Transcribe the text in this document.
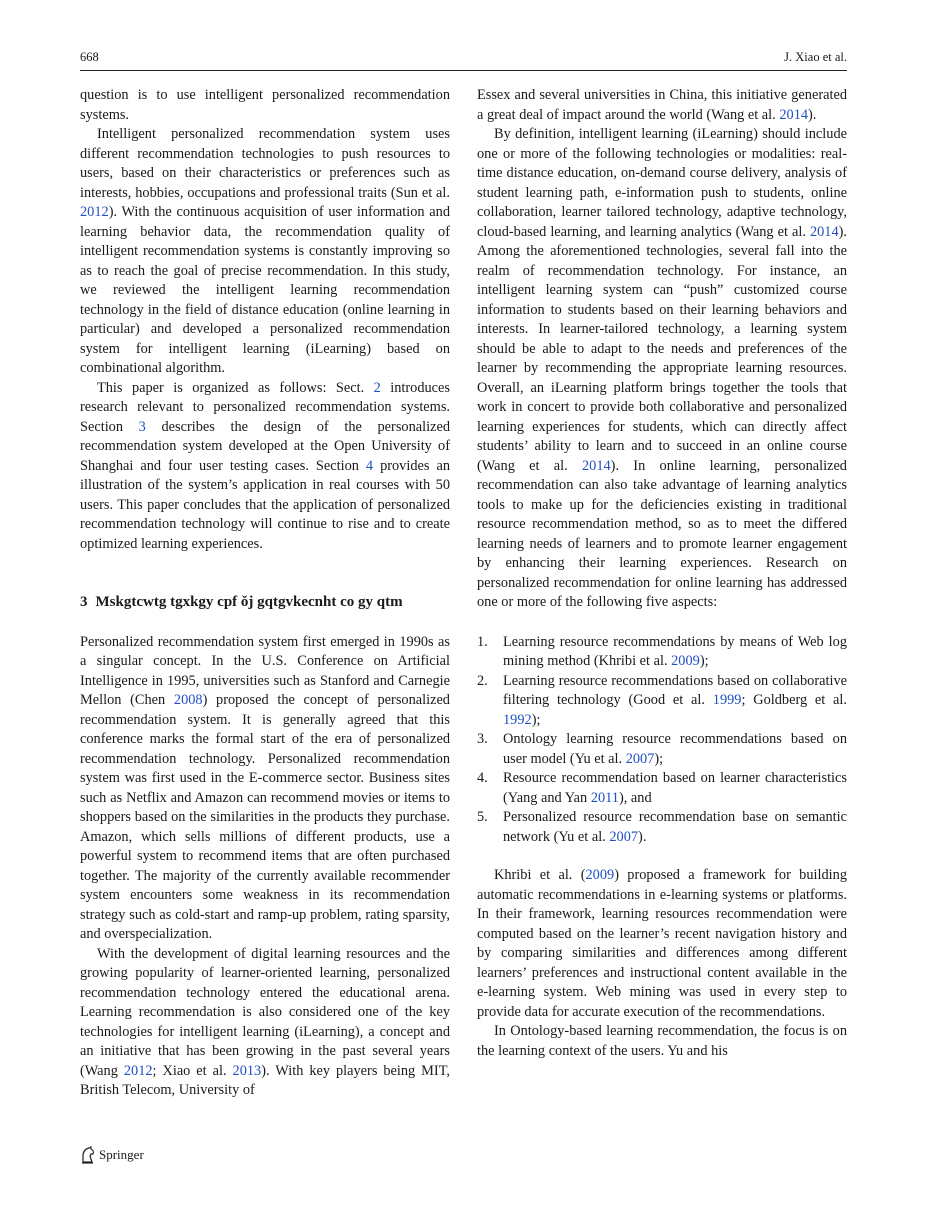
668	J. Xiao et al.

question is to use intelligent personalized recommendation systems.

Intelligent personalized recommendation system uses different recommendation technologies to push resources to users, based on their characteristics or preferences such as interests, hobbies, occupations and professional traits (Sun et al. 2012). With the continuous acquisition of user information and learning behavior data, the recommendation quality of intelligent recommendation systems is constantly improving so as to reach the goal of precise recommendation. In this study, we reviewed the intelligent learning recommendation technology in the field of distance education (online learning in particular) and developed a personalized recommendation system for intelligent learning (iLearning) based on combinational algorithm.

This paper is organized as follows: Sect. 2 introduces research relevant to personalized recommendation systems. Section 3 describes the design of the personalized recommendation system developed at the Open University of Shanghai and four user testing cases. Section 4 provides an illustration of the system’s application in real courses with 50 users. This paper concludes that the application of personalized recommendation technology will continue to rise and to create optimized learning experiences.

3 Mskgtcwtg tgxkgy cpf ǒj gqtgvkecnht co gy qtm

Personalized recommendation system first emerged in 1990s as a singular concept. In the U.S. Conference on Artificial Intelligence in 1995, universities such as Stanford and Carnegie Mellon (Chen 2008) proposed the concept of personalized recommendation system. It is generally agreed that this conference marks the formal start of the era of personalized recommendation technology. Personalized recommendation system was first used in the E-commerce sector. Business sites such as Netflix and Amazon can recommend movies or items to shoppers based on the similarities in the products they purchase. Amazon, which sells millions of different products, use a powerful system to recommend items that are often purchased together. The majority of the currently available recommender system encounters some weakness in its recommendation strategy such as cold-start and ramp-up problem, rating sparsity, and overspecialization.

With the development of digital learning resources and the growing popularity of learner-oriented learning, personalized recommendation technology entered the educational arena. Learning recommendation is also considered one of the key technologies for intelligent learning (iLearning), a concept and an initiative that has been growing in the past several years (Wang 2012; Xiao et al. 2013). With key players being MIT, British Telecom, University of

Essex and several universities in China, this initiative generated a great deal of impact around the world (Wang et al. 2014).

By definition, intelligent learning (iLearning) should include one or more of the following technologies or modalities: real-time distance education, on-demand course delivery, analysis of student learning path, e-information push to students, online collaboration, learner tailored technology, adaptive technology, cloud-based learning, and learning analytics (Wang et al. 2014). Among the aforementioned technologies, several fall into the realm of recommendation technology. For instance, an intelligent learning system can “push” customized course information to students based on their learning behaviors and interests. In learner-tailored technology, a learning system should be able to adapt to the needs and preferences of the learner by recommending the appropriate learning resources. Overall, an iLearning platform brings together the tools that work in concert to provide both collaborative and personalized learning experiences for students, which can directly affect students’ ability to learn and to succeed in an online course (Wang et al. 2014). In online learning, personalized recommendation can also take advantage of learning analytics tools to make up for the deficiencies existing in traditional resource recommendation method, so as to meet the differed learning needs of learners and to promote learner engagement by enhancing their learning experiences. Research on personalized recommendation for online learning has addressed one or more of the following five aspects:

1. Learning resource recommendations by means of Web log mining method (Khribi et al. 2009);
2. Learning resource recommendations based on collaborative filtering technology (Good et al. 1999; Goldberg et al. 1992);
3. Ontology learning resource recommendations based on user model (Yu et al. 2007);
4. Resource recommendation based on learner characteristics (Yang and Yan 2011), and
5. Personalized resource recommendation base on semantic network (Yu et al. 2007).

Khribi et al. (2009) proposed a framework for building automatic recommendations in e-learning systems or platforms. In their framework, learning resources recommendation were computed based on the learner’s recent navigation history and by comparing similarities and differences among different learners’ preferences and instructional content available in the e-learning system. Web mining was used in every step to provide data for accurate execution of the recommendations.

In Ontology-based learning recommendation, the focus is on the learning context of the users. Yu and his

Springer
